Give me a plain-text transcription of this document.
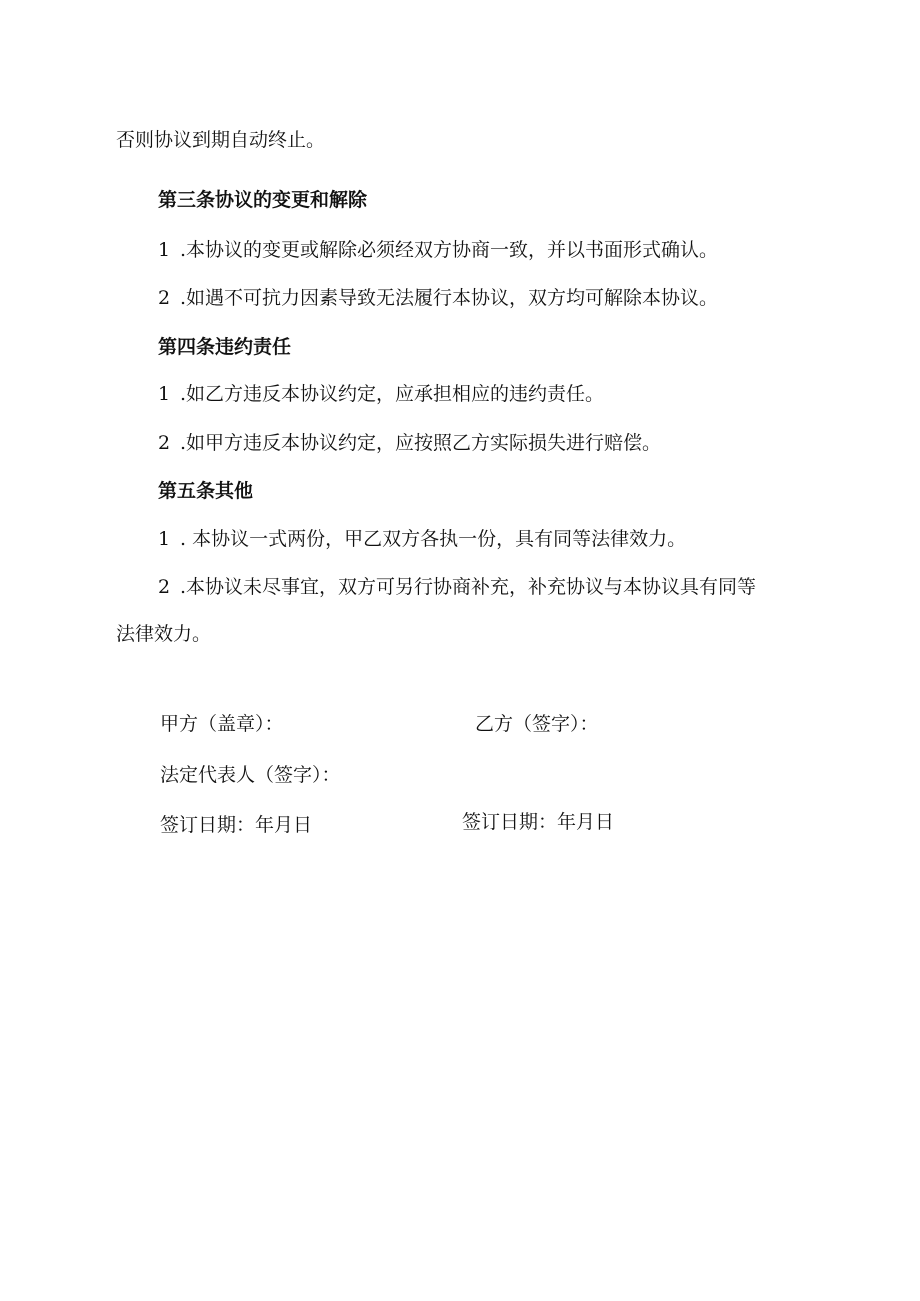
否则协议到期自动终止。
第三条协议的变更和解除
1 .本协议的变更或解除必须经双方协商一致，并以书面形式确认。
2 .如遇不可抗力因素导致无法履行本协议，双方均可解除本协议。
第四条违约责任
1 .如乙方违反本协议约定，应承担相应的违约责任。
2 .如甲方违反本协议约定，应按照乙方实际损失进行赔偿。
第五条其他
1 . 本协议一式两份，甲乙双方各执一份，具有同等法律效力。
2 .本协议未尽事宜，双方可另行协商补充，补充协议与本协议具有同等
法律效力。
甲方（盖章）：	乙方（签字）：
法定代表人（签字）：
签订日期：年月日	签订日期：年月日
